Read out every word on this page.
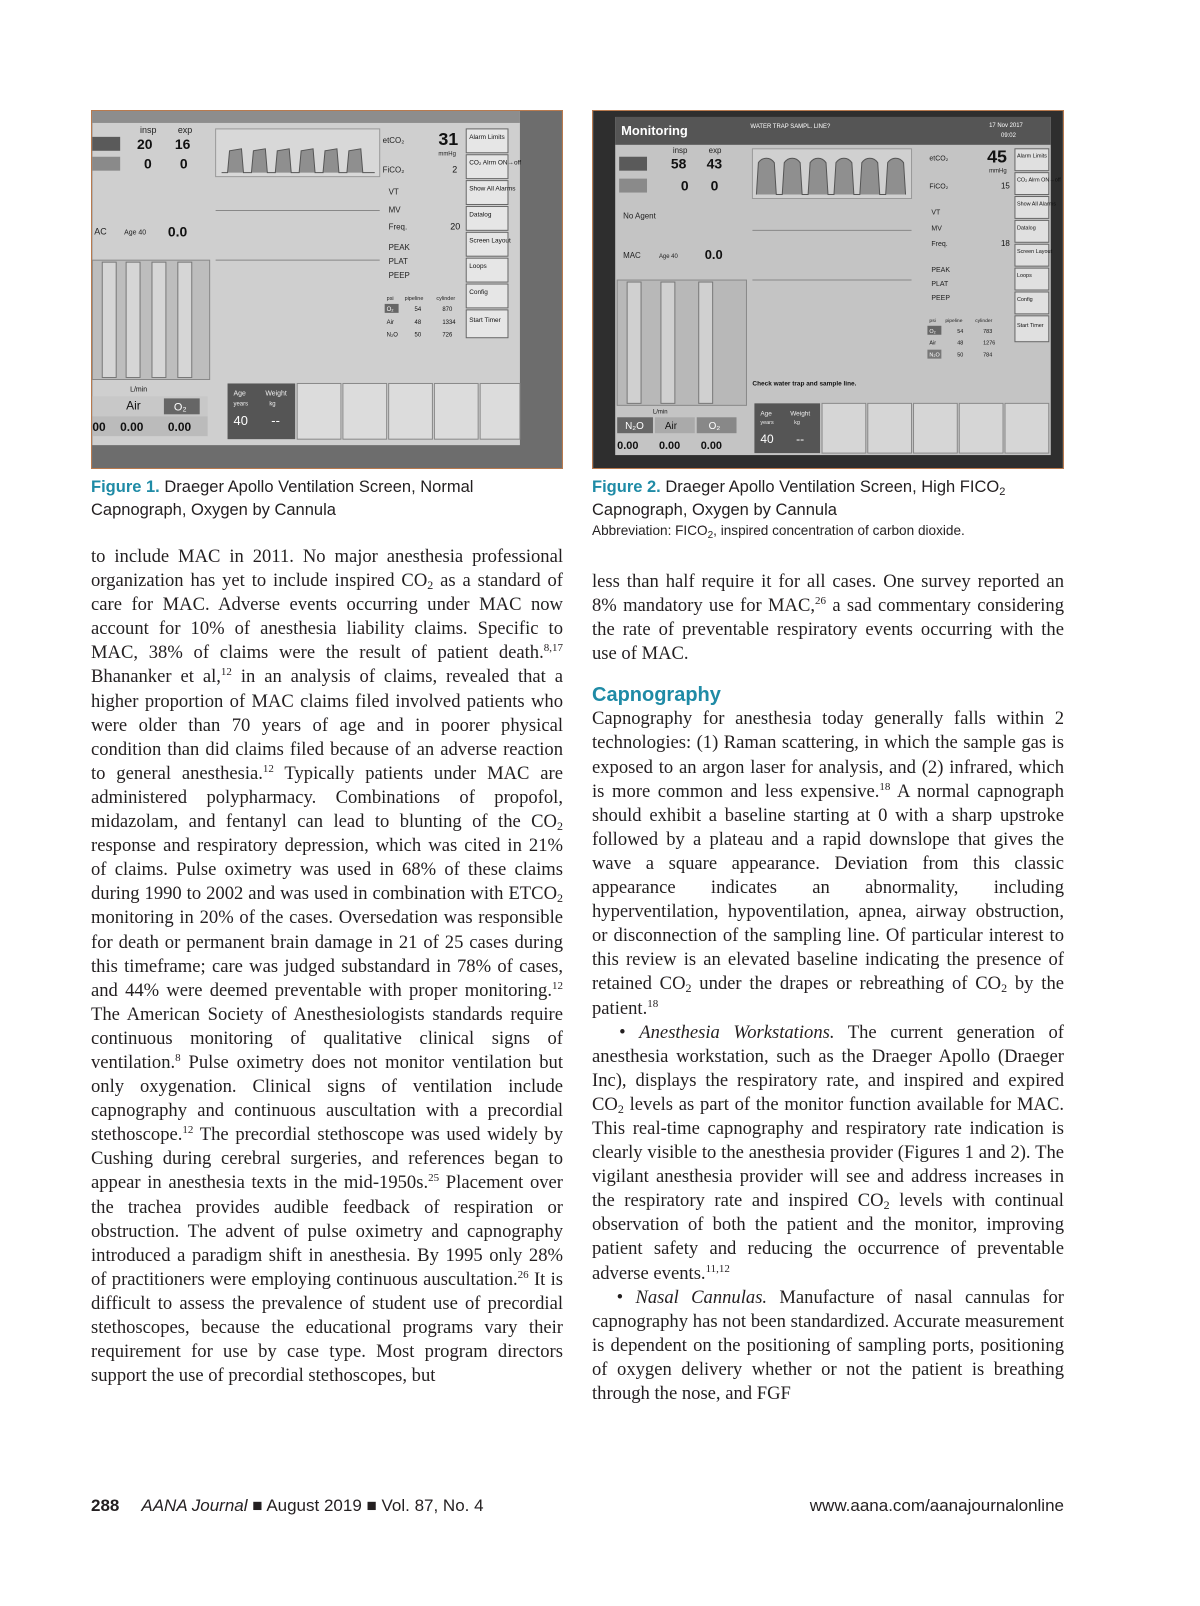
insp exp
20 16
0 0
AC Age 40 0.0
etCO₂ 31
mmHg
FiCO₂	2
VT
MV
Freq.	20
PEAK
PLAT
PEEP
Alarm Limits
CO₂ Alrm ON→off
Show All Alarms
Datalog
Screen Layout
Loops
Config
Start Timer
psi pipeline cylinder
O₂	54	870
Air	48	1334
N₂O	50	726
L/min
Air	O₂
00 0.00 0.00
Age
years
40
Weight
kg
--
Monitoring	WATER TRAP SAMPL. LINE?	17 Nov 2017
09:02
insp	exp
58 43
0 0
No Agent
MAC	Age 40 0.0
etCO₂ 45
mmHg
FiCO₂	15
VT
MV
Freq.	18
PEAK
PLAT
PEEP
Alarm Limits
CO₂ Alrm ON→off
Show All Alarms
Datalog
Screen Layout
Loops
Config
Start Timer
psi pipeline	cylinder
O₂	54	783
Air	48	1276
N₂O	50	784
Check water trap and sample line.
L/min
N₂O Air	O₂
0.00 0.00 0.00
Age
years
40
Weight
kg
--
Figure 1. Draeger Apollo Ventilation Screen, Normal Capnograph, Oxygen by Cannula
Figure 2. Draeger Apollo Ventilation Screen, High $FICO_2$ Capnograph, Oxygen by Cannula
Abbreviation: $FICO_2$, inspired concentration of carbon dioxide.

to include MAC in 2011. No major anesthesia professional organization has yet to include inspired $CO_2$ as a standard of care for MAC. Adverse events occurring under MAC now account for 10% of anesthesia liability claims. Specific to MAC, 38% of claims were the result of patient death.$^{8,17}$ Bhananker et al,$^{12}$ in an analysis of claims, revealed that a higher proportion of MAC claims filed involved patients who were older than 70 years of age and in poorer physical condition than did claims filed because of an adverse reaction to general anesthesia.$^{12}$ Typically patients under MAC are administered polypharmacy. Combinations of propofol, midazolam, and fentanyl can lead to blunting of the $CO_2$ response and respiratory depression, which was cited in 21% of claims. Pulse oximetry was used in 68% of these claims during 1990 to 2002 and was used in combination with $ETCO_2$ monitoring in 20% of the cases. Oversedation was responsible for death or permanent brain damage in 21 of 25 cases during this timeframe; care was judged substandard in 78% of cases, and 44% were deemed preventable with proper monitoring.$^{12}$ The American Society of Anesthesiologists standards require continuous monitoring of qualitative clinical signs of ventilation.$^8$ Pulse oximetry does not monitor ventilation but only oxygenation. Clinical signs of ventilation include capnography and continuous auscultation with a precordial stethoscope.$^{12}$ The precordial stethoscope was used widely by Cushing during cerebral surgeries, and references began to appear in anesthesia texts in the mid-1950s.$^{25}$ Placement over the trachea provides audible feedback of respiration or obstruction. The advent of pulse oximetry and capnography introduced a paradigm shift in anesthesia. By 1995 only 28% of practitioners were employing continuous auscultation.$^{26}$ It is difficult to assess the prevalence of student use of precordial stethoscopes, because the educational programs vary their requirement for use by case type. Most program directors support the use of precordial stethoscopes, but

less than half require it for all cases. One survey reported an 8% mandatory use for MAC,$^{26}$ a sad commentary considering the rate of preventable respiratory events occurring with the use of MAC.

Capnography

Capnography for anesthesia today generally falls within 2 technologies: (1) Raman scattering, in which the sample gas is exposed to an argon laser for analysis, and (2) infrared, which is more common and less expensive.$^{18}$ A normal capnograph should exhibit a baseline starting at 0 with a sharp upstroke followed by a plateau and a rapid downslope that gives the wave a square appearance. Deviation from this classic appearance indicates an abnormality, including hyperventilation, hypoventilation, apnea, airway obstruction, or disconnection of the sampling line. Of particular interest to this review is an elevated baseline indicating the presence of retained $CO_2$ under the drapes or rebreathing of $CO_2$ by the patient.$^{18}$

• Anesthesia Workstations. The current generation of anesthesia workstation, such as the Draeger Apollo (Draeger Inc), displays the respiratory rate, and inspired and expired $CO_2$ levels as part of the monitor function available for MAC. This real-time capnography and respiratory rate indication is clearly visible to the anesthesia provider (Figures 1 and 2). The vigilant anesthesia provider will see and address increases in the respiratory rate and inspired $CO_2$ levels with continual observation of both the patient and the monitor, improving patient safety and reducing the occurrence of preventable adverse events.$^{11,12}$

• Nasal Cannulas. Manufacture of nasal cannulas for capnography has not been standardized. Accurate measurement is dependent on the positioning of sampling ports, positioning of oxygen delivery whether or not the patient is breathing through the nose, and FGF

288 AANA Journal ■ August 2019 ■ Vol. 87, No. 4	www.aana.com/aanajournalonline
